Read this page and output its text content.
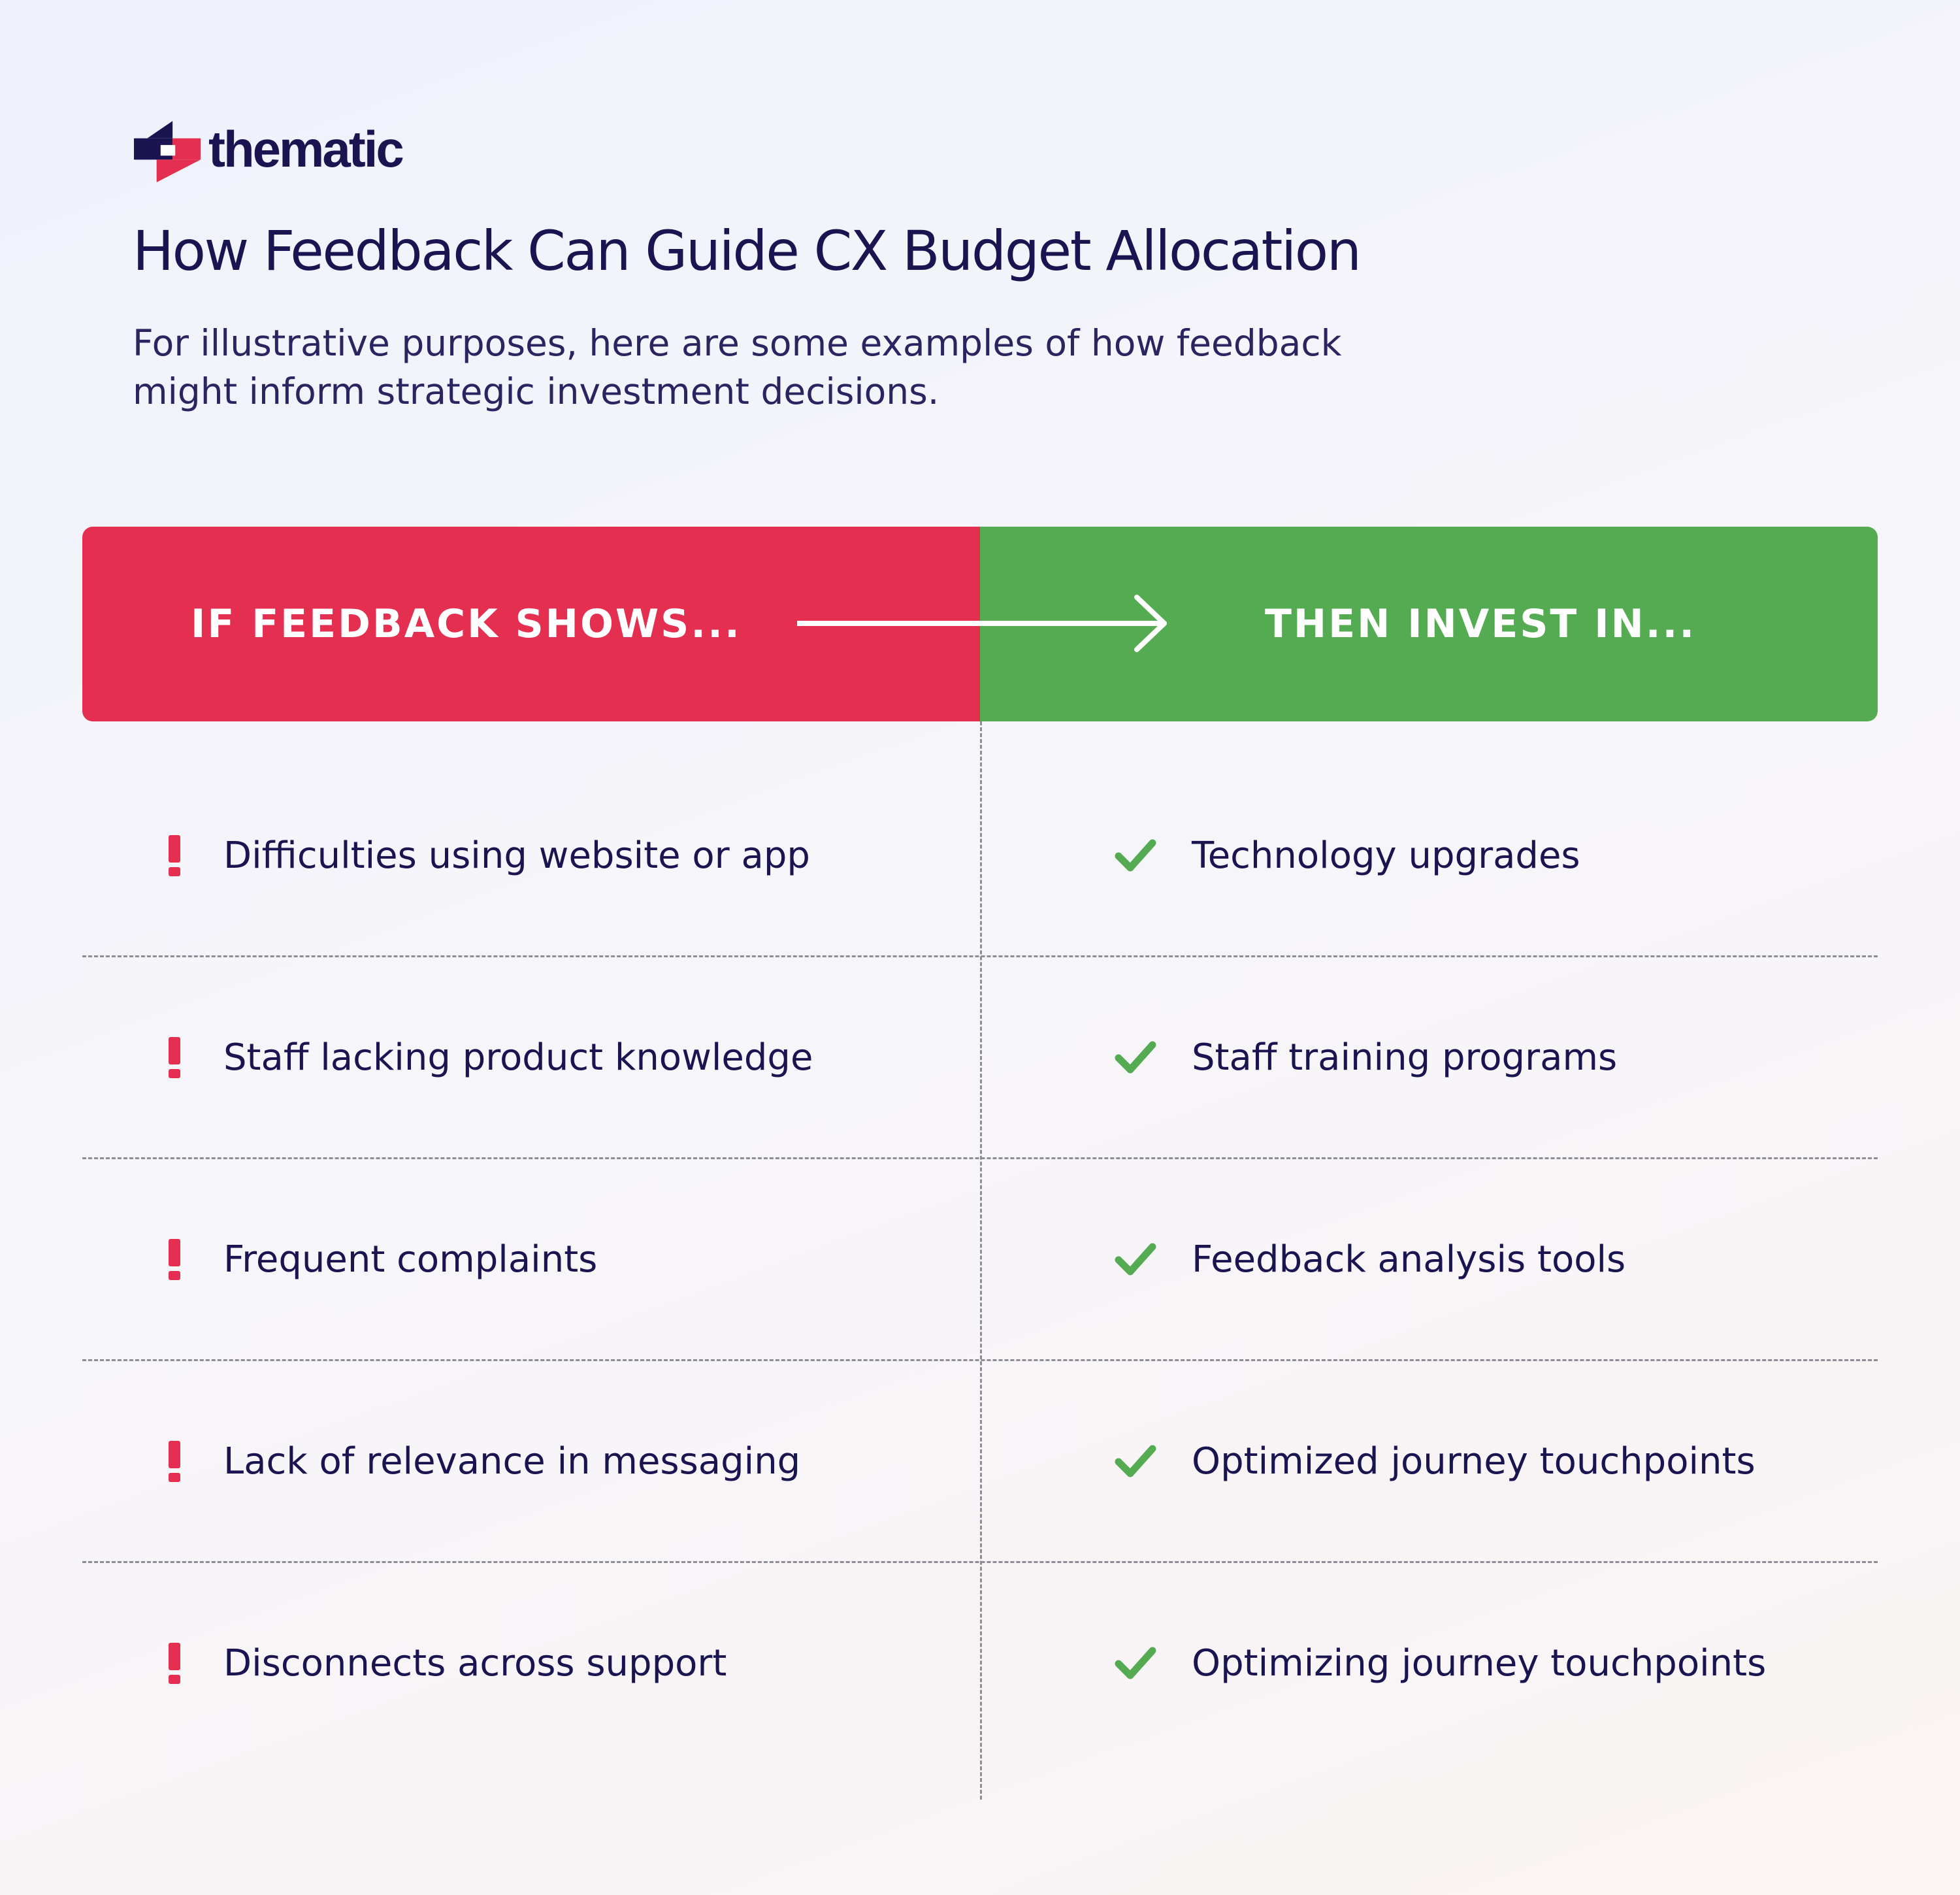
thematic
How Feedback Can Guide CX Budget Allocation

For illustrative purposes, here are some examples of how feedback
might inform strategic investment decisions.

IF FEEDBACK SHOWS...	THEN INVEST IN...
Difficulties using website or app	Technology upgrades
Staff lacking product knowledge	Staff training programs
Frequent complaints	Feedback analysis tools
Lack of relevance in messaging	Optimized journey touchpoints
Disconnects across support	Optimizing journey touchpoints
